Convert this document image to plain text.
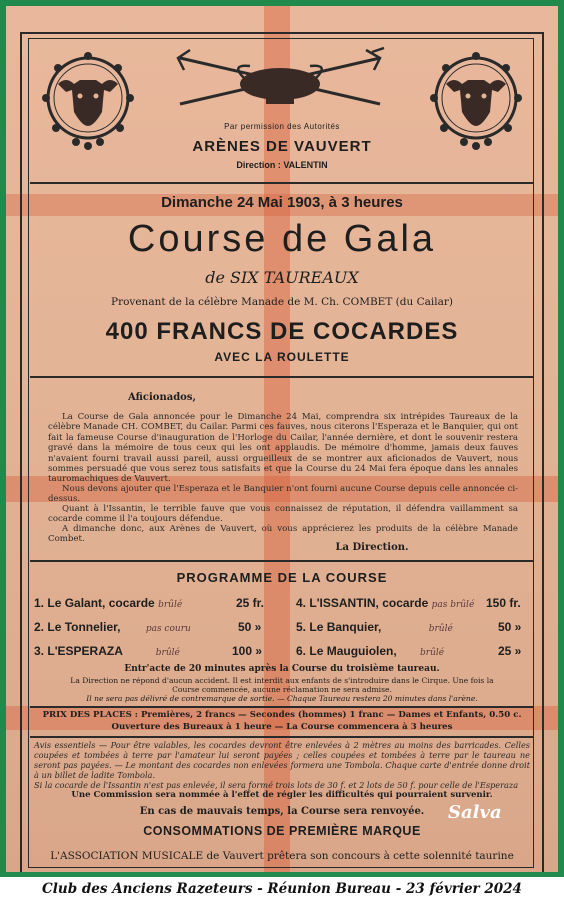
Par permission des Autorités
ARÈNES DE VAUVERT
Direction : VALENTIN
Dimanche 24 Mai 1903, à 3 heures
Course de Gala
de SIX TAUREAUX
Provenant de la célèbre Manade de M. Ch. COMBET (du Cailar)
400 FRANCS DE COCARDES
AVEC LA ROULETTE
Aficionados,
La Course de Gala annoncée pour le Dimanche 24 Mai, comprendra six intrépides Taureaux de la célèbre Manade CH. COMBET, du Cailar. Parmi ces fauves, nous citerons l'Esperaza et le Banquier, qui ont fait la fameuse Course d'inauguration de l'Horloge du Cailar, l'année dernière, et dont le souvenir restera gravé dans la mémoire de tous ceux qui les ont applaudis. De mémoire d'homme, jamais deux fauves n'avaient fourni travail aussi pareil, aussi orgueilleux de se montrer aux aficionados de Vauvert, nous sommes persuadé que vous serez tous satisfaits et que la Course du 24 Mai fera époque dans les annales tauromachiques de Vauvert.
Nous devons ajouter que l'Esperaza et le Banquier n'ont fourni aucune Course depuis celle annoncée ci-dessus.
Quant à l'Issantin, le terrible fauve que vous connaissez de réputation, il défendra vaillamment sa cocarde comme il l'a toujours défendue.
A dimanche donc, aux Arènes de Vauvert, où vous apprécierez les produits de la célèbre Manade Combet.
La Direction.
PROGRAMME DE LA COURSE
1. Le Galant, cocarde brûlé	25 fr.
2. Le Tonnelier,	pas couru	50 »
3. L'ESPERAZA	brûlé	100 »
4. L'ISSANTIN, cocarde pas brûlé 150 fr.
5. Le Banquier,	brûlé	50 »
6. Le Mauguiolen,	brûlé	25 »
Entr'acte de 20 minutes après la Course du troisième taureau.
La Direction ne répond d'aucun accident. Il est interdit aux enfants de s'introduire dans le Cirque. Une fois la Course commencée, aucune réclamation ne sera admise.
Il ne sera pas délivré de contremarque de sortie. — Chaque Taureau restera 20 minutes dans l'arène.
PRIX DES PLACES : Premières, 2 francs — Secondes (hommes) 1 franc — Dames et Enfants, 0.50 c.
Ouverture des Bureaux à 1 heure — La Course commencera à 3 heures
Avis essentiels — Pour être valables, les cocardes devront être enlevées à 2 mètres au moins des barricades. Celles coupées et tombées à terre par l'amateur lui seront payées ; celles coupées et tombées à terre par le taureau ne seront pas payées. — Le montant des cocardes non enlevées formera une Tombola. Chaque carte d'entrée donne droit à un billet de ladite Tombola.
Si la cocarde de l'Issantin n'est pas enlevée, il sera formé trois lots de 30 f. et 2 lots de 50 f. pour celle de l'Esperaza
Une Commission sera nommée à l'effet de régler les difficultés qui pourraient survenir.
En cas de mauvais temps, la Course sera renvoyée.
CONSOMMATIONS DE PREMIÈRE MARQUE
L'ASSOCIATION MUSICALE de Vauvert prêtera son concours à cette solennité taurine
Salva
Club des Anciens Razeteurs - Réunion Bureau - 23 février 2024
